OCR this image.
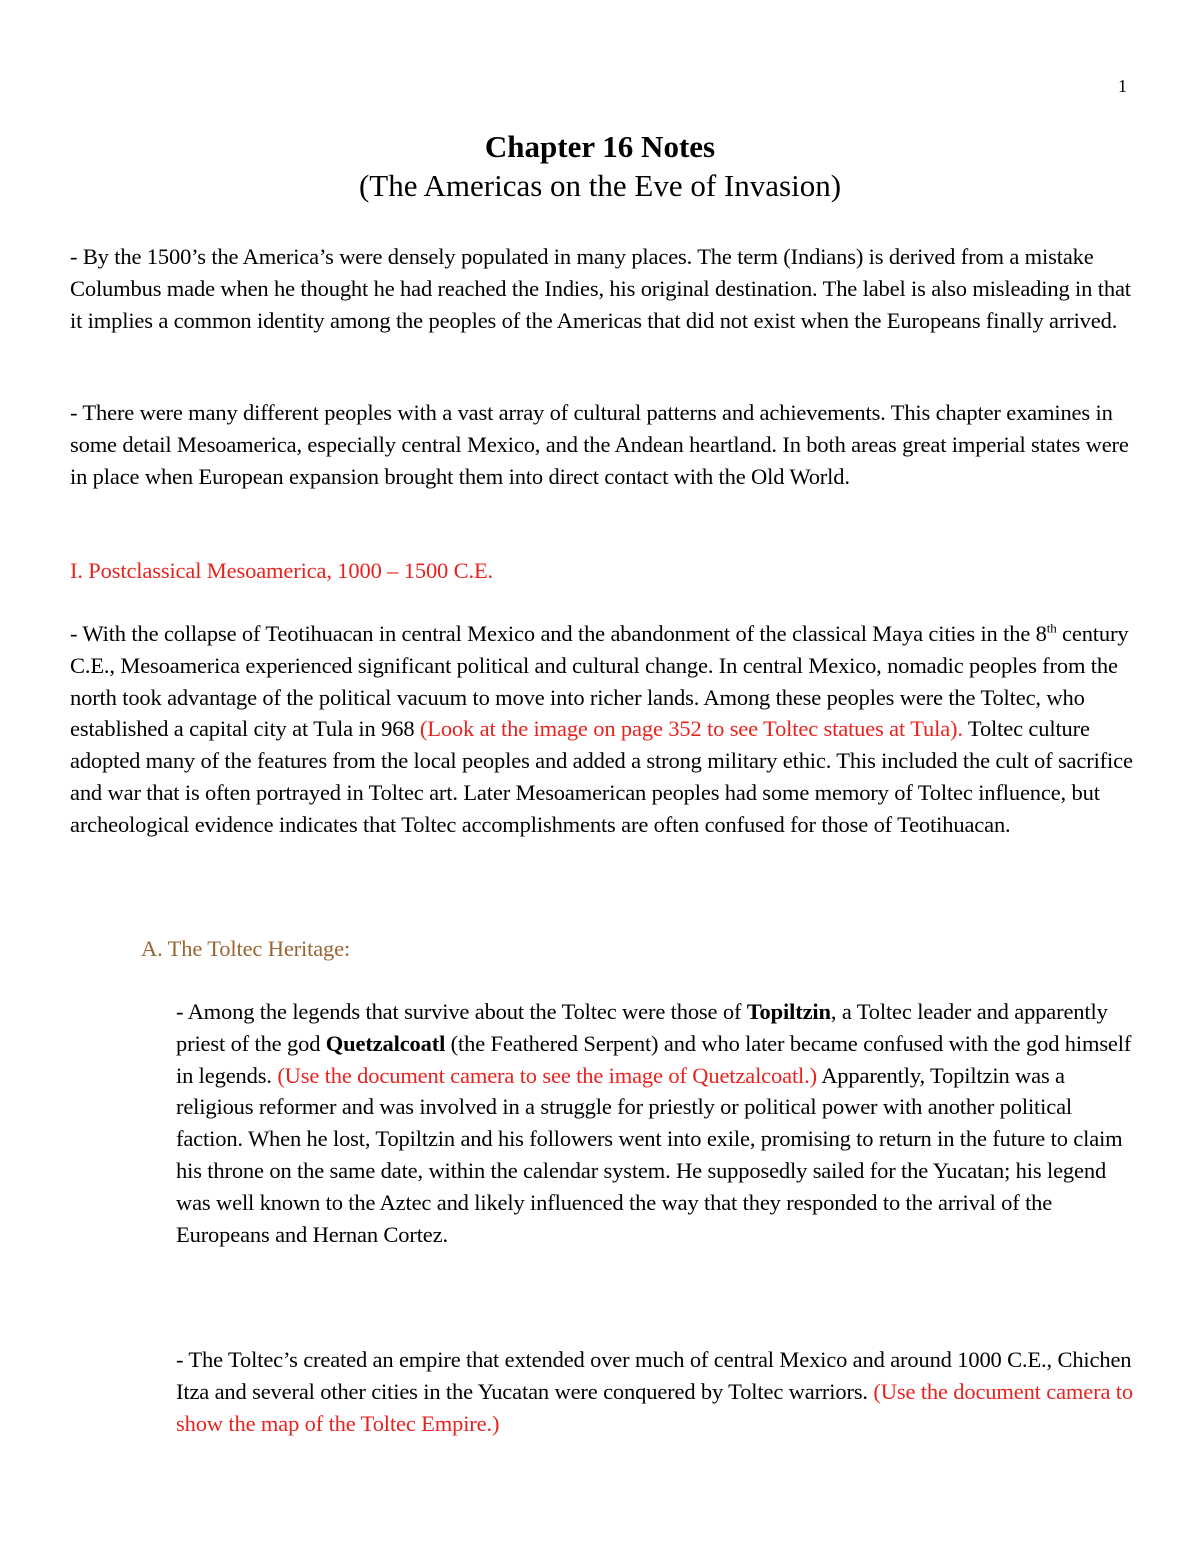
1
Chapter 16 Notes
(The Americas on the Eve of Invasion)

- By the 1500’s the America’s were densely populated in many places. The term (Indians) is derived from a mistake Columbus made when he thought he had reached the Indies, his original destination. The label is also misleading in that it implies a common identity among the peoples of the Americas that did not exist when the Europeans finally arrived.

- There were many different peoples with a vast array of cultural patterns and achievements. This chapter examines in some detail Mesoamerica, especially central Mexico, and the Andean heartland. In both areas great imperial states were in place when European expansion brought them into direct contact with the Old World.

I. Postclassical Mesoamerica, 1000 – 1500 C.E.

- With the collapse of Teotihuacan in central Mexico and the abandonment of the classical Maya cities in the 8th century C.E., Mesoamerica experienced significant political and cultural change. In central Mexico, nomadic peoples from the north took advantage of the political vacuum to move into richer lands. Among these peoples were the Toltec, who established a capital city at Tula in 968 (Look at the image on page 352 to see Toltec statues at Tula). Toltec culture adopted many of the features from the local peoples and added a strong military ethic. This included the cult of sacrifice and war that is often portrayed in Toltec art. Later Mesoamerican peoples had some memory of Toltec influence, but archeological evidence indicates that Toltec accomplishments are often confused for those of Teotihuacan.

A. The Toltec Heritage:

- Among the legends that survive about the Toltec were those of Topiltzin, a Toltec leader and apparently priest of the god Quetzalcoatl (the Feathered Serpent) and who later became confused with the god himself in legends. (Use the document camera to see the image of Quetzalcoatl.) Apparently, Topiltzin was a religious reformer and was involved in a struggle for priestly or political power with another political faction. When he lost, Topiltzin and his followers went into exile, promising to return in the future to claim his throne on the same date, within the calendar system. He supposedly sailed for the Yucatan; his legend was well known to the Aztec and likely influenced the way that they responded to the arrival of the Europeans and Hernan Cortez.

- The Toltec’s created an empire that extended over much of central Mexico and around 1000 C.E., Chichen Itza and several other cities in the Yucatan were conquered by Toltec warriors. (Use the document camera to show the map of the Toltec Empire.)
